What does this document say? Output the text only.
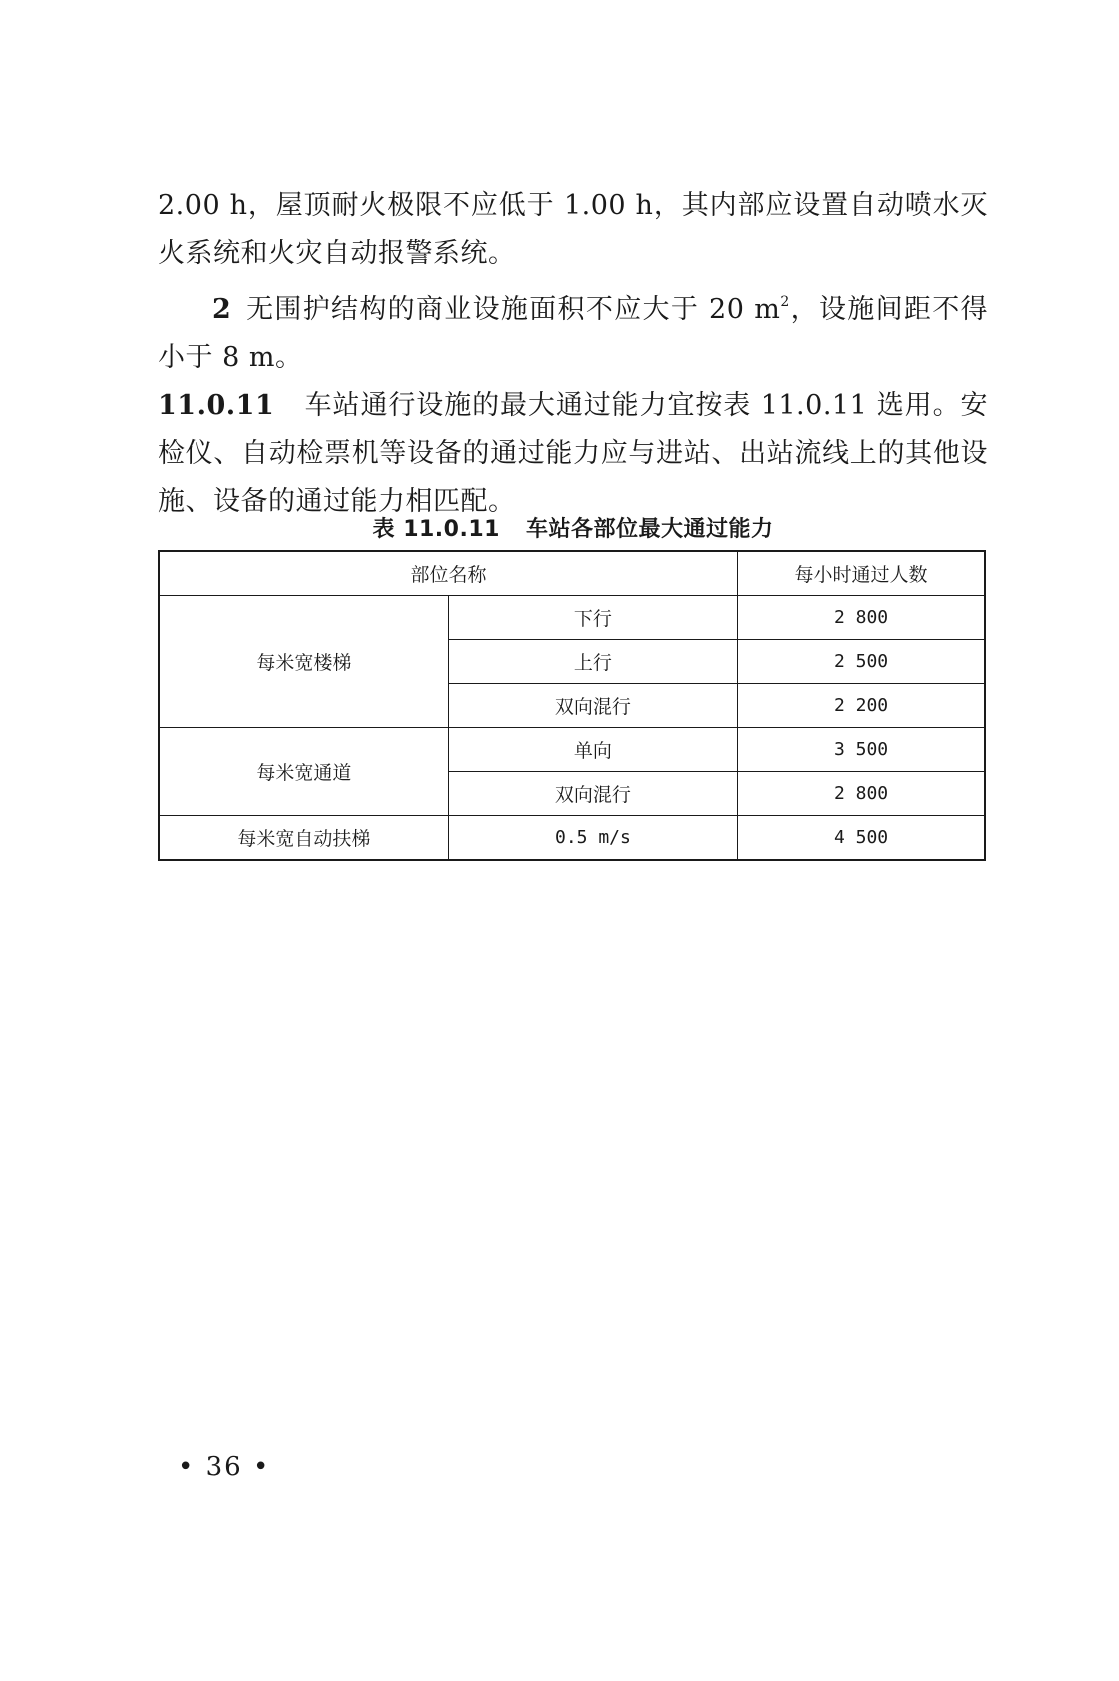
2.00 h，屋顶耐火极限不应低于 1.00 h，其内部应设置自动喷水灭火系统和火灾自动报警系统。

2 无围护结构的商业设施面积不应大于 20 $m^2$，设施间距不得小于 8 m。

11.0.11 车站通行设施的最大通过能力宜按表 11.0.11 选用。安检仪、自动检票机等设备的通过能力应与进站、出站流线上的其他设施、设备的通过能力相匹配。

表 11.0.11 车站各部位最大通过能力
部位名称		每小时通过人数
每米宽楼梯	下行	2 800
	上行	2 500
	双向混行	2 200
每米宽通道	单向	3 500
	双向混行	2 800
每米宽自动扶梯	0.5 m/s	4 500
• 36 •
